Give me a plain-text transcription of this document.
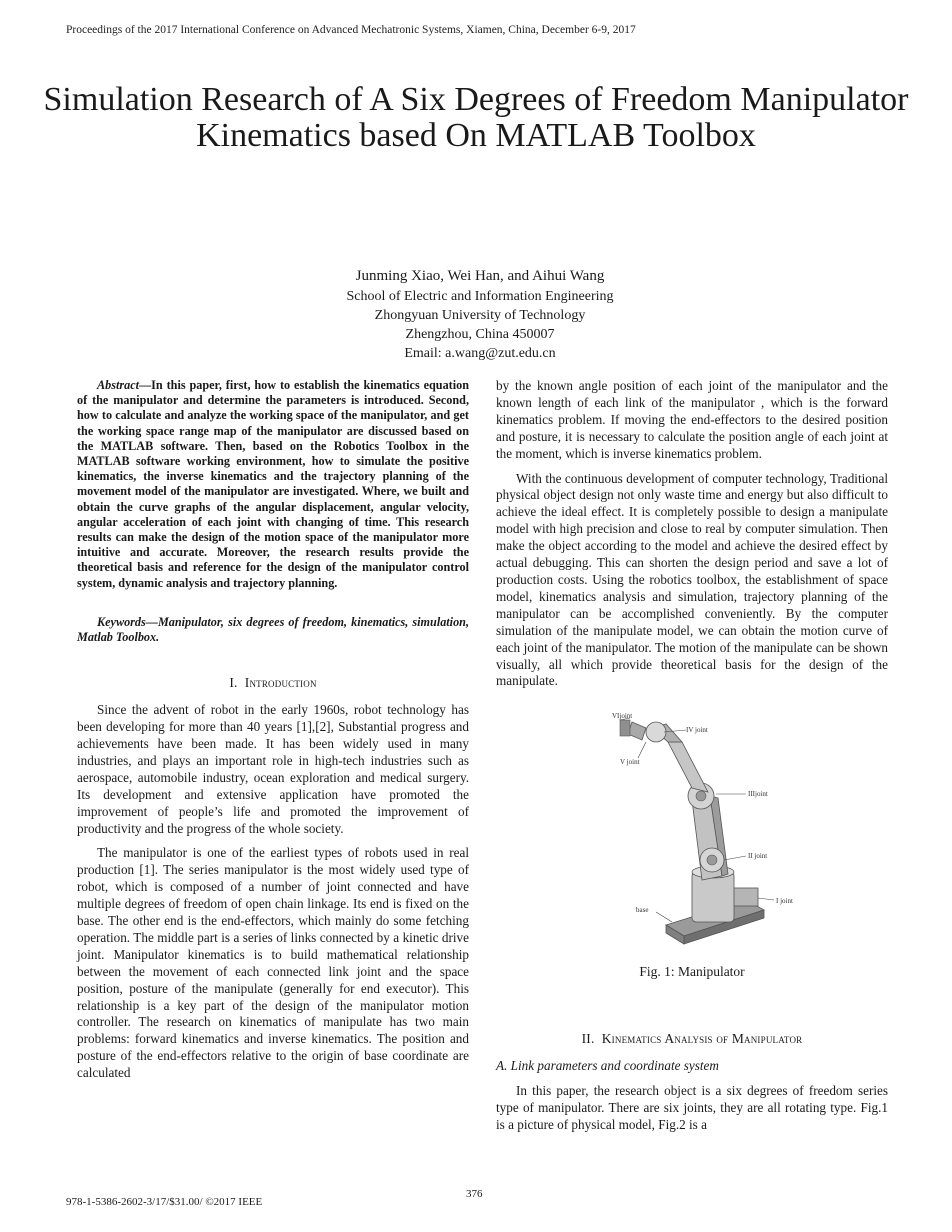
Proceedings of the 2017 International Conference on Advanced Mechatronic Systems, Xiamen, China, December 6-9, 2017
Simulation Research of A Six Degrees of Freedom Manipulator Kinematics based On MATLAB Toolbox
Junming Xiao, Wei Han, and Aihui Wang
School of Electric and Information Engineering
Zhongyuan University of Technology
Zhengzhou, China 450007
Email: a.wang@zut.edu.cn

Abstract—In this paper, first, how to establish the kinematics equation of the manipulator and determine the parameters is introduced. Second, how to calculate and analyze the working space of the manipulator, and get the working space range map of the manipulator are discussed based on the MATLAB software. Then, based on the Robotics Toolbox in the MATLAB software working environment, how to simulate the positive kinematics, the inverse kinematics and the trajectory planning of the movement model of the manipulator are investigated. Where, we built and obtain the curve graphs of the angular displacement, angular velocity, angular acceleration of each joint with changing of time. This research results can make the design of the motion space of the manipulator more intuitive and accurate. Moreover, the research results provide the theoretical basis and reference for the design of the manipulator control system, dynamic analysis and trajectory planning.

Keywords—Manipulator, six degrees of freedom, kinematics, simulation, Matlab Toolbox.

I. Introduction

Since the advent of robot in the early 1960s, robot technology has been developing for more than 40 years [1],[2], Substantial progress and achievements have been made. It has been widely used in many industries, and plays an important role in high-tech industries such as aerospace, automobile industry, ocean exploration and medical surgery. Its development and extensive application have promoted the improvement of people’s life and promoted the improvement of productivity and the progress of the whole society.

The manipulator is one of the earliest types of robots used in real production [1]. The series manipulator is the most widely used type of robot, which is composed of a number of joint connected and have multiple degrees of freedom of open chain linkage. Its end is fixed on the base. The other end is the end-effectors, which mainly do some fetching operation. The middle part is a series of links connected by a kinetic drive joint. Manipulator kinematics is to build mathematical relationship between the movement of each connected link joint and the space position, posture of the manipulate (generally for end executor). This relationship is a key part of the design of the manipulator motion controller. The research on kinematics of manipulate has two main problems: forward kinematics and inverse kinematics. The position and posture of the end-effectors relative to the origin of base coordinate are calculated

by the known angle position of each joint of the manipulator and the known length of each link of the manipulator , which is the forward kinematics problem. If moving the end-effectors to the desired position and posture, it is necessary to calculate the position angle of each joint at the moment, which is inverse kinematics problem.

With the continuous development of computer technology, Traditional physical object design not only waste time and energy but also difficult to achieve the ideal effect. It is completely possible to design a manipulate model with high precision and close to real by computer simulation. Then make the object according to the model and achieve the desired effect by actual debugging. This can shorten the design period and save a lot of production costs. Using the robotics toolbox, the establishment of space model, kinematics analysis and simulation, trajectory planning of the manipulator can be accomplished conveniently. By the computer simulation of the manipulate model, we can obtain the motion curve of each joint of the manipulator. The motion of the manipulate can be shown visually, all which provide theoretical basis for the design of the manipulate.

VIjoint
IV joint
V joint
IIIjoint
II joint
I joint
base
Fig. 1: Manipulator
II. Kinematics Analysis of Manipulator
A. Link parameters and coordinate system

In this paper, the research object is a six degrees of freedom series type of manipulator. There are six joints, they are all rotating type. Fig.1 is a picture of physical model, Fig.2 is a

978-1-5386-2602-3/17/$31.00/ ©2017 IEEE
376
